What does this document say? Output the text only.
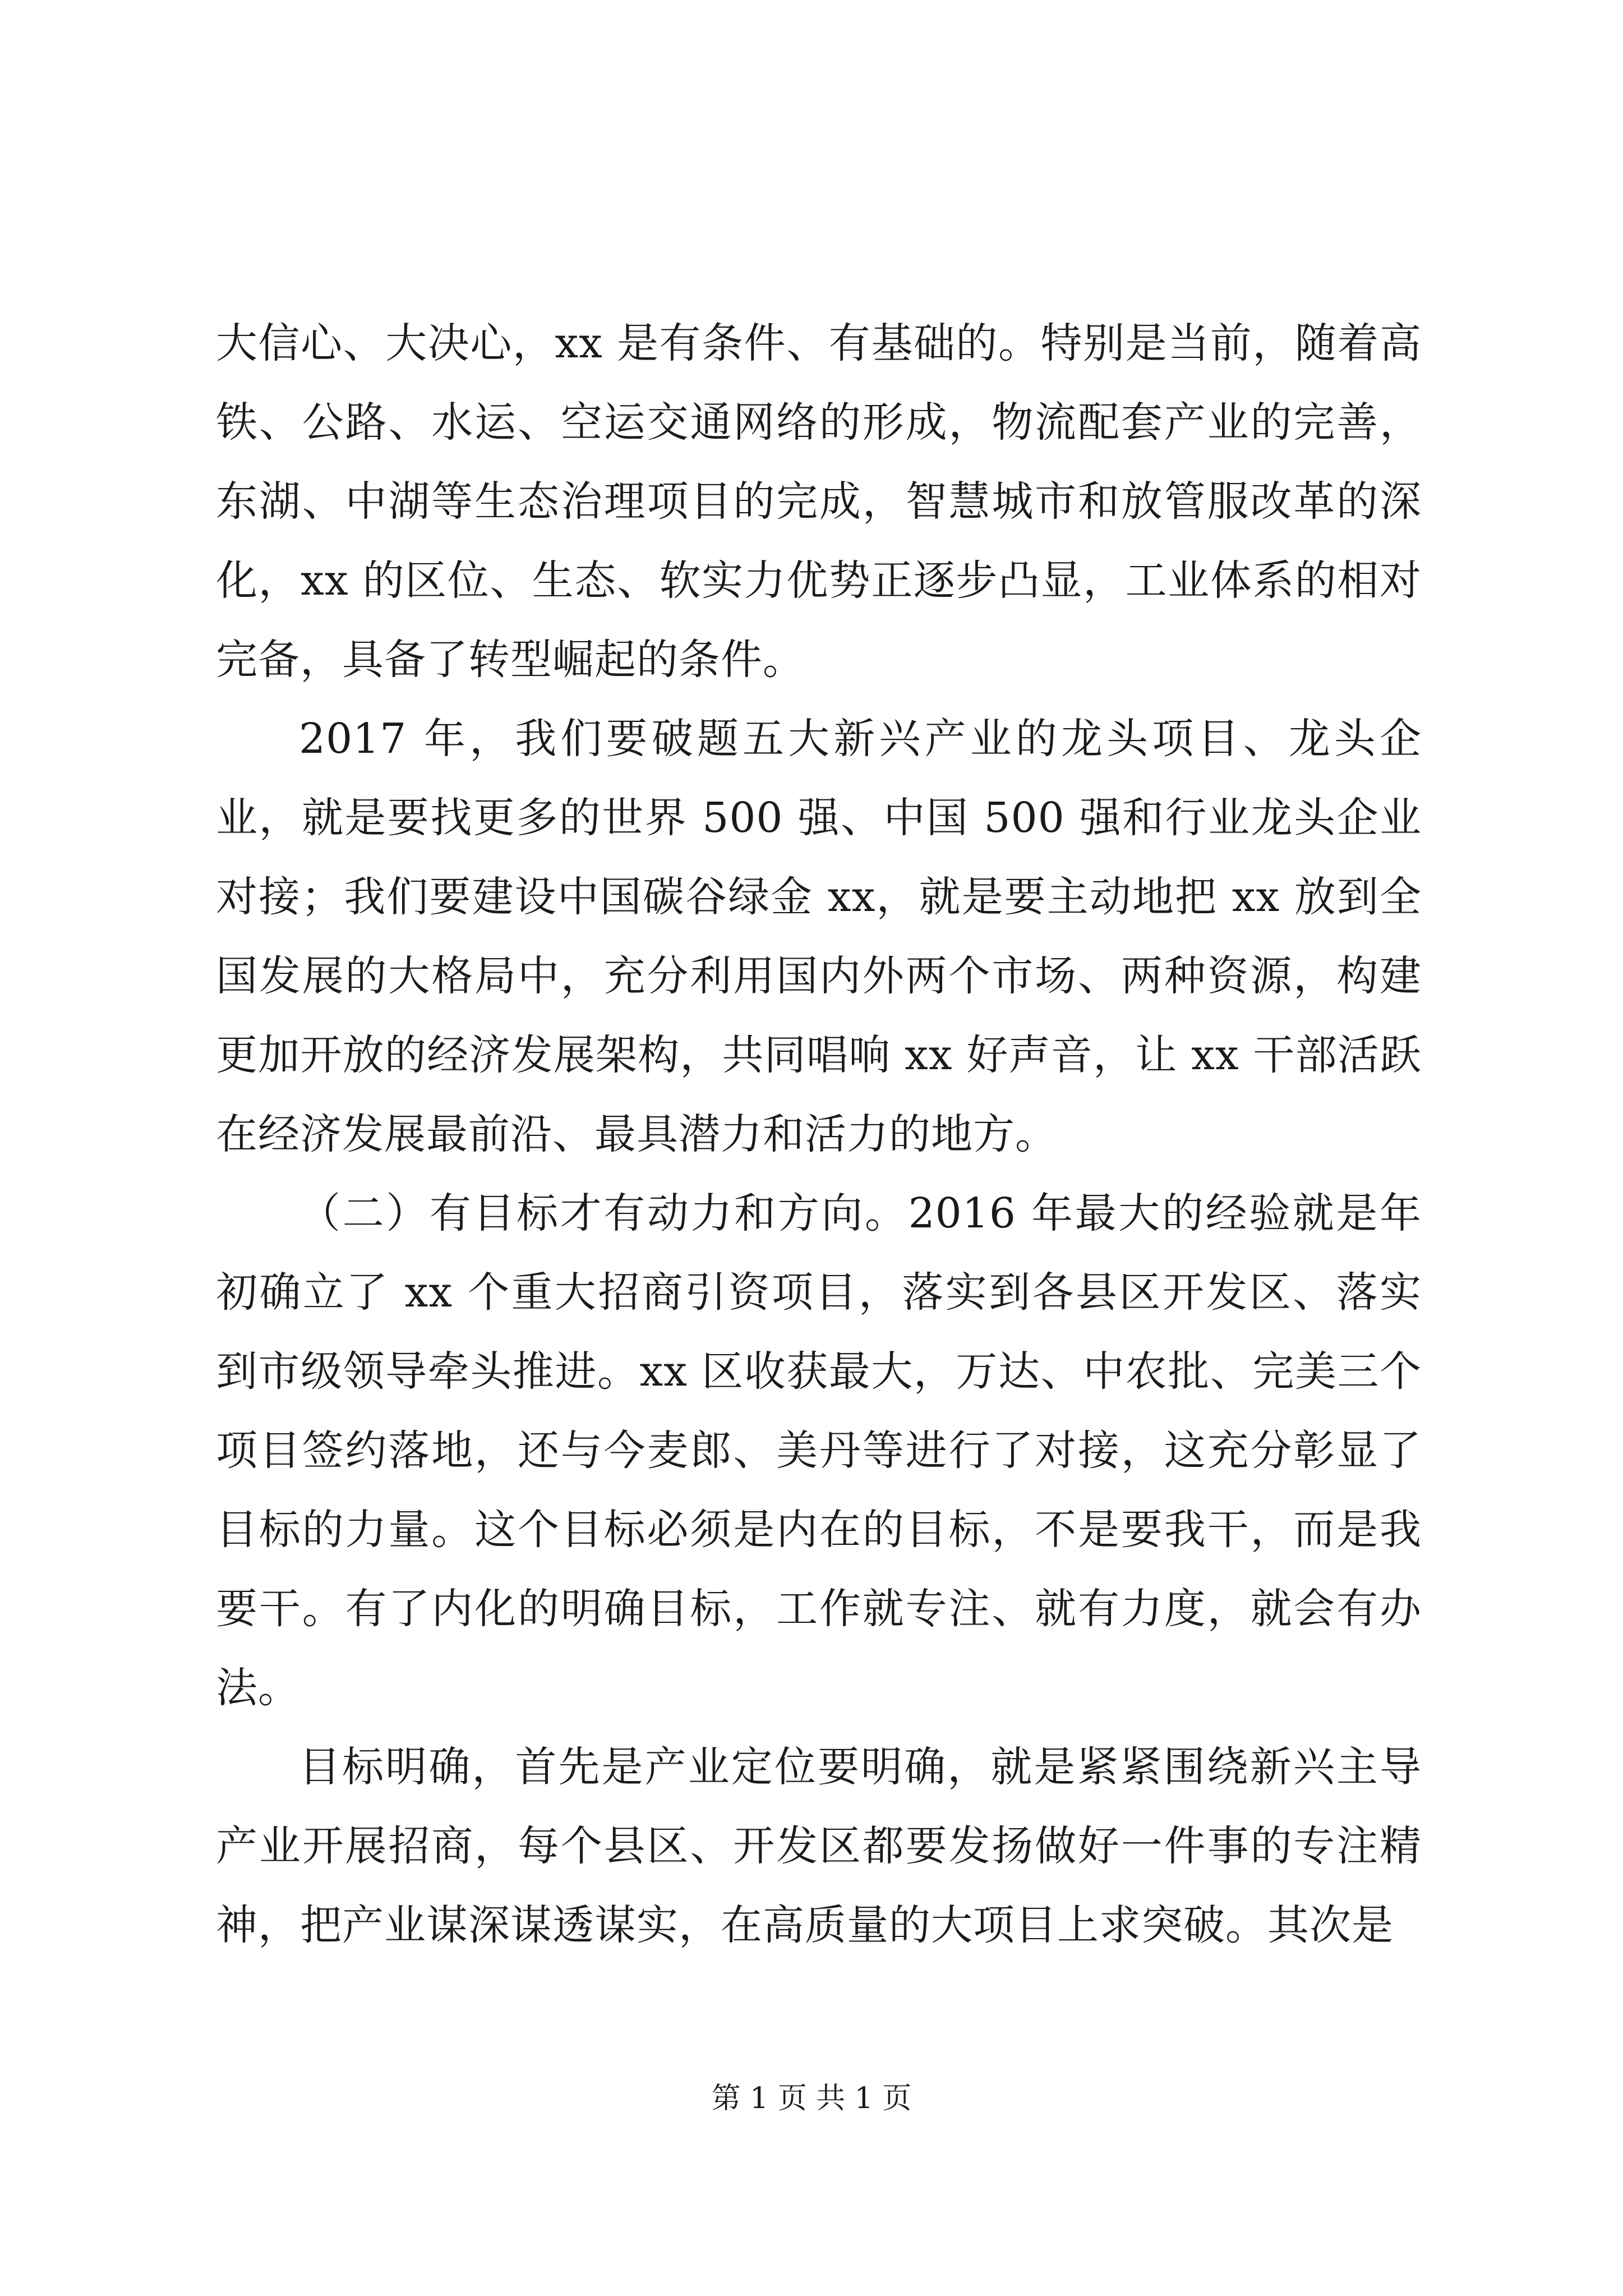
大信心、大决心，xx 是有条件、有基础的。特别是当前，随着高铁、公路、水运、空运交通网络的形成，物流配套产业的完善，东湖、中湖等生态治理项目的完成，智慧城市和放管服改革的深化，xx 的区位、生态、软实力优势正逐步凸显，工业体系的相对完备，具备了转型崛起的条件。

2017 年，我们要破题五大新兴产业的龙头项目、龙头企业，就是要找更多的世界 500 强、中国 500 强和行业龙头企业对接；我们要建设中国碳谷绿金 xx，就是要主动地把 xx 放到全国发展的大格局中，充分利用国内外两个市场、两种资源，构建更加开放的经济发展架构，共同唱响 xx 好声音，让 xx 干部活跃在经济发展最前沿、最具潜力和活力的地方。

（二）有目标才有动力和方向。2016 年最大的经验就是年初确立了 xx 个重大招商引资项目，落实到各县区开发区、落实到市级领导牵头推进。xx 区收获最大，万达、中农批、完美三个项目签约落地，还与今麦郎、美丹等进行了对接，这充分彰显了目标的力量。这个目标必须是内在的目标，不是要我干，而是我要干。有了内化的明确目标，工作就专注、就有力度，就会有办法。

目标明确，首先是产业定位要明确，就是紧紧围绕新兴主导产业开展招商，每个县区、开发区都要发扬做好一件事的专注精神，把产业谋深谋透谋实，在高质量的大项目上求突破。其次是

第 1 页 共 1 页
